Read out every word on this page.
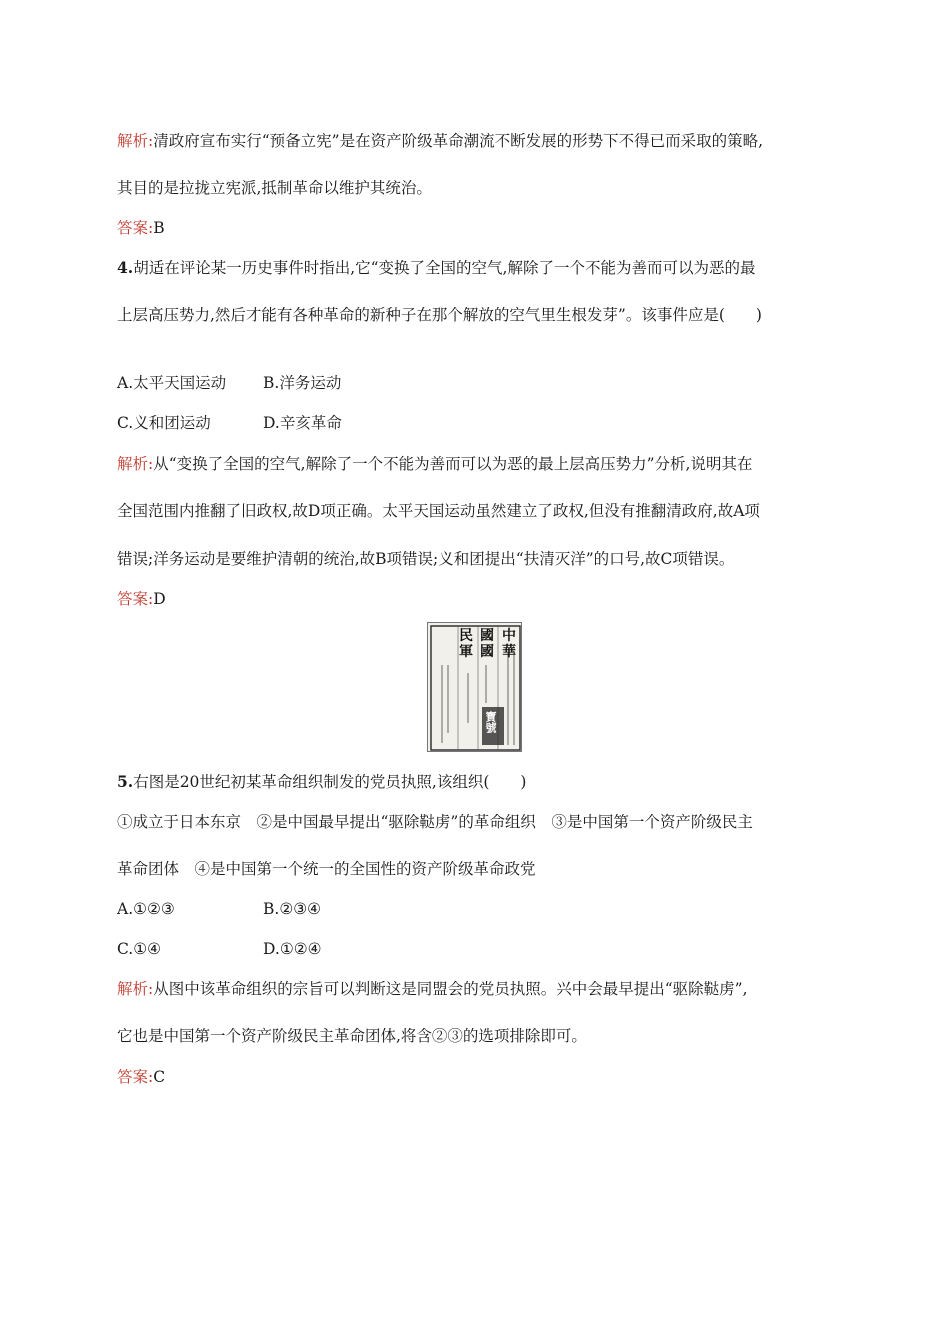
解析:清政府宣布实行“预备立宪”是在资产阶级革命潮流不断发展的形势下不得已而采取的策略,
其目的是拉拢立宪派,抵制革命以维护其统治。
答案:B
4.胡适在评论某一历史事件时指出,它“变换了全国的空气,解除了一个不能为善而可以为恶的最
上层高压势力,然后才能有各种革命的新种子在那个解放的空气里生根发芽”。该事件应是(　　)
A.太平天国运动 B.洋务运动
C.义和团运动	D.辛亥革命
解析:从“变换了全国的空气,解除了一个不能为善而可以为恶的最上层高压势力”分析,说明其在
全国范围内推翻了旧政权,故D项正确。太平天国运动虽然建立了政权,但没有推翻清政府,故A项
错误;洋务运动是要维护清朝的统治,故B项错误;义和团提出“扶清灭洋”的口号,故C项错误。
答案:D
中
華
國
國
民
軍
寶號
5.右图是20世纪初某革命组织制发的党员执照,该组织(　　)
①成立于日本东京　②是中国最早提出“驱除鞑虏”的革命组织　③是中国第一个资产阶级民主
革命团体　④是中国第一个统一的全国性的资产阶级革命政党
A.①②③	B.②③④
C.①④	D.①②④
解析:从图中该革命组织的宗旨可以判断这是同盟会的党员执照。兴中会最早提出“驱除鞑虏”,
它也是中国第一个资产阶级民主革命团体,将含②③的选项排除即可。
答案:C
